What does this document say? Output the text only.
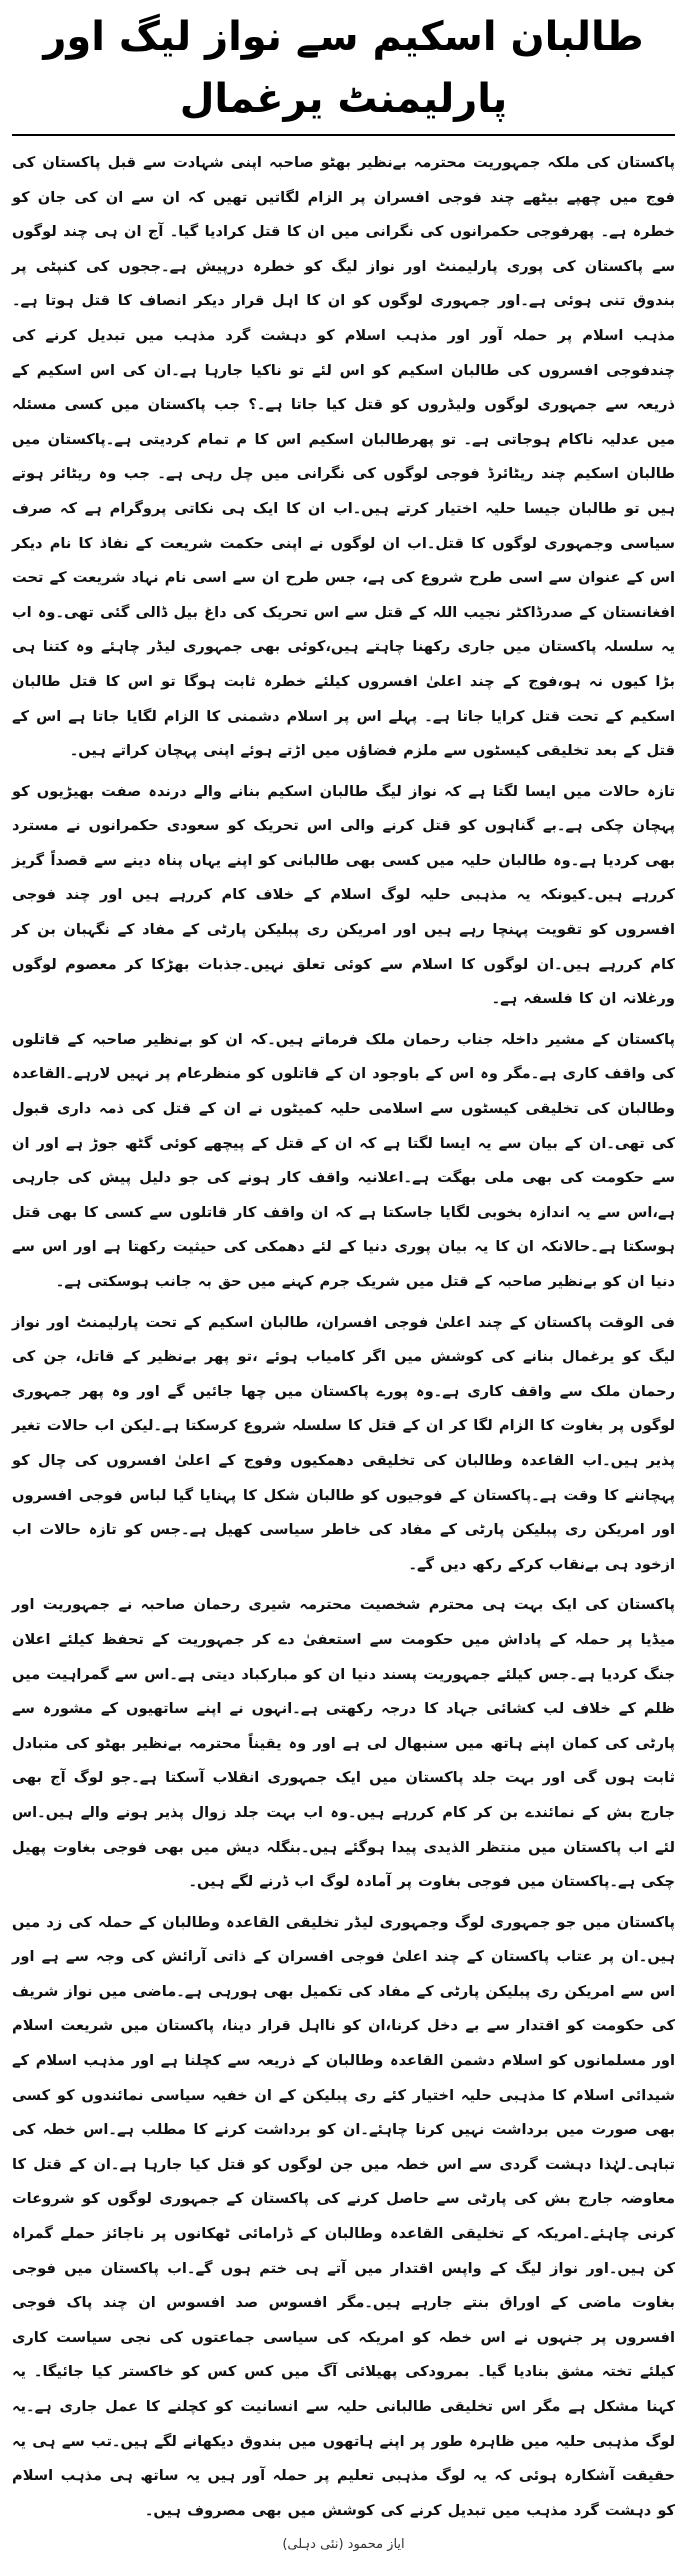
طالبان اسکیم سے نواز لیگ اور پارلیمنٹ یرغمال

پاکستان کی ملکہ جمہوریت محترمہ بےنظیر بھٹو صاحبہ اپنی شہادت سے قبل پاکستان کی فوج میں چھپے بیٹھے چند فوجی افسران پر الزام لگاتیں تھیں کہ ان سے ان کی جان کو خطرہ ہے۔ پھرفوجی حکمرانوں کی نگرانی میں ان کا قتل کرادیا گیا۔ آج ان ہی چند لوگوں سے پاکستان کی پوری پارلیمنٹ اور نواز لیگ کو خطرہ درپیش ہے۔ججوں کی کنپٹی پر بندوق تنی ہوئی ہے۔اور جمہوری لوگوں کو ان کا اہل قرار دیکر انصاف کا قتل ہوتا ہے۔مذہب اسلام پر حملہ آور اور مذہب اسلام کو دہشت گرد مذہب میں تبدیل کرنے کی چندفوجی افسروں کی طالبان اسکیم کو اس لئے تو ناکیا جارہا ہے۔ان کی اس اسکیم کے ذریعہ سے جمہوری لوگوں ولیڈروں کو قتل کیا جاتا ہے۔؟ جب پاکستان میں کسی مسئلہ میں عدلیہ ناکام ہوجاتی ہے۔ تو پھرطالبان اسکیم اس کا م تمام کردیتی ہے۔پاکستان میں طالبان اسکیم چند ریٹائرڈ فوجی لوگوں کی نگرانی میں چل رہی ہے۔ جب وہ ریٹائر ہوتے ہیں تو طالبان جیسا حلیہ اختیار کرتے ہیں۔اب ان کا ایک ہی نکاتی پروگرام ہے کہ صرف سیاسی وجمہوری لوگوں کا قتل۔اب ان لوگوں نے اپنی حکمت شریعت کے نفاذ کا نام دیکر اس کے عنوان سے اسی طرح شروع کی ہے، جس طرح ان سے اسی نام نہاد شریعت کے تحت افغانستان کے صدرڈاکٹر نجیب اللہ کے قتل سے اس تحریک کی داغ بیل ڈالی گئی تھی۔وہ اب یہ سلسلہ پاکستان میں جاری رکھنا چاہتے ہیں،کوئی بھی جمہوری لیڈر چاہئے وہ کتنا ہی بڑا کیوں نہ ہو،فوج کے چند اعلیٰ افسروں کیلئے خطرہ ثابت ہوگا تو اس کا قتل طالبان اسکیم کے تحت قتل کرایا جاتا ہے۔ پہلے اس پر اسلام دشمنی کا الزام لگایا جاتا ہے اس کے قتل کے بعد تخلیقی کیسٹوں سے ملزم فضاؤں میں اڑتے ہوئے اپنی پہچان کراتے ہیں۔

تازہ حالات میں ایسا لگتا ہے کہ نواز لیگ طالبان اسکیم بنانے والے درندہ صفت بھیڑیوں کو پہچان چکی ہے۔بے گناہوں کو قتل کرنے والی اس تحریک کو سعودی حکمرانوں نے مسترد بھی کردیا ہے۔وہ طالبان حلیہ میں کسی بھی طالبانی کو اپنے یہاں پناہ دینے سے قصداً گریز کررہے ہیں۔کیونکہ یہ مذہبی حلیہ لوگ اسلام کے خلاف کام کررہے ہیں اور چند فوجی افسروں کو تقویت پہنچا رہے ہیں اور امریکن ری پبلیکن پارٹی کے مفاد کے نگہبان بن کر کام کررہے ہیں۔ان لوگوں کا اسلام سے کوئی تعلق نہیں۔جذبات بھڑکا کر معصوم لوگوں ورغلانہ ان کا فلسفہ ہے۔

پاکستان کے مشیر داخلہ جناب رحمان ملک فرماتے ہیں۔کہ ان کو بےنظیر صاحبہ کے قاتلوں کی واقف کاری ہے۔مگر وہ اس کے باوجود ان کے قاتلوں کو منظرعام پر نہیں لارہے۔القاعدہ وطالبان کی تخلیقی کیسٹوں سے اسلامی حلیہ کمیٹوں نے ان کے قتل کی ذمہ داری قبول کی تھی۔ان کے بیان سے یہ ایسا لگتا ہے کہ ان کے قتل کے پیچھے کوئی گٹھ جوڑ ہے اور ان سے حکومت کی بھی ملی بھگت ہے۔اعلانیہ واقف کار ہونے کی جو دلیل پیش کی جارہی ہے،اس سے یہ اندازہ بخوبی لگایا جاسکتا ہے کہ ان واقف کار قاتلوں سے کسی کا بھی قتل ہوسکتا ہے۔حالانکہ ان کا یہ بیان پوری دنیا کے لئے دھمکی کی حیثیت رکھتا ہے اور اس سے دنیا ان کو بےنظیر صاحبہ کے قتل میں شریک جرم کہنے میں حق بہ جانب ہوسکتی ہے۔

فی الوقت پاکستان کے چند اعلیٰ فوجی افسران، طالبان اسکیم کے تحت پارلیمنٹ اور نواز لیگ کو یرغمال بنانے کی کوشش میں اگر کامیاب ہوئے ،تو پھر بےنظیر کے قاتل، جن کی رحمان ملک سے واقف کاری ہے۔وہ پورے پاکستان میں چھا جائیں گے اور وہ پھر جمہوری لوگوں پر بغاوت کا الزام لگا کر ان کے قتل کا سلسلہ شروع کرسکتا ہے۔لیکن اب حالات تغیر پذیر ہیں۔اب القاعدہ وطالبان کی تخلیقی دھمکیوں وفوج کے اعلیٰ افسروں کی چال کو پہچاننے کا وقت ہے۔پاکستان کے فوجیوں کو طالبان شکل کا پہنایا گیا لباس فوجی افسروں اور امریکن ری پبلیکن پارٹی کے مفاد کی خاطر سیاسی کھیل ہے۔جس کو تازہ حالات اب ازخود ہی بےنقاب کرکے رکھ دیں گے۔

پاکستان کی ایک بہت ہی محترم شخصیت محترمہ شیری رحمان صاحبہ نے جمہوریت اور میڈیا پر حملہ کے پاداش میں حکومت سے استعفیٰ دے کر جمہوریت کے تحفظ کیلئے اعلان جنگ کردیا ہے۔جس کیلئے جمہوریت پسند دنیا ان کو مبارکباد دیتی ہے۔اس سے گمراہیت میں ظلم کے خلاف لب کشائی جہاد کا درجہ رکھتی ہے۔انہوں نے اپنے ساتھیوں کے مشورہ سے پارٹی کی کمان اپنے ہاتھ میں سنبھال لی ہے اور وہ یقیناً محترمہ بےنظیر بھٹو کی متبادل ثابت ہوں گی اور بہت جلد پاکستان میں ایک جمہوری انقلاب آسکتا ہے۔جو لوگ آج بھی جارج بش کے نمائندے بن کر کام کررہے ہیں۔وہ اب بہت جلد زوال پذیر ہونے والے ہیں۔اس لئے اب پاکستان میں منتظر الذیدی پیدا ہوگئے ہیں۔بنگلہ دیش میں بھی فوجی بغاوت پھیل چکی ہے۔پاکستان میں فوجی بغاوت پر آمادہ لوگ اب ڈرنے لگے ہیں۔

پاکستان میں جو جمہوری لوگ وجمہوری لیڈر تخلیقی القاعدہ وطالبان کے حملہ کی زد میں ہیں۔ان پر عتاب پاکستان کے چند اعلیٰ فوجی افسران کے ذاتی آرائش کی وجہ سے ہے اور اس سے امریکن ری پبلیکن پارٹی کے مفاد کی تکمیل بھی ہورہی ہے۔ماضی میں نواز شریف کی حکومت کو اقتدار سے بے دخل کرنا،ان کو نااہل قرار دینا، پاکستان میں شریعت اسلام اور مسلمانوں کو اسلام دشمن القاعدہ وطالبان کے ذریعہ سے کچلنا ہے اور مذہب اسلام کے شیدائی اسلام کا مذہبی حلیہ اختیار کئے ری پبلیکن کے ان خفیہ سیاسی نمائندوں کو کسی بھی صورت میں برداشت نہیں کرنا چاہئے۔ان کو برداشت کرنے کا مطلب ہے۔اس خطہ کی تباہی۔لہٰذا دہشت گردی سے اس خطہ میں جن لوگوں کو قتل کیا جارہا ہے۔ان کے قتل کا معاوضہ جارج بش کی پارٹی سے حاصل کرنے کی پاکستان کے جمہوری لوگوں کو شروعات کرنی چاہئے۔امریکہ کے تخلیقی القاعدہ وطالبان کے ڈرامائی ٹھکانوں پر ناجائز حملے گمراہ کن ہیں۔اور نواز لیگ کے واپس اقتدار میں آتے ہی ختم ہوں گے۔اب پاکستان میں فوجی بغاوت ماضی کے اوراق بنتے جارہے ہیں۔مگر افسوس صد افسوس ان چند پاک فوجی افسروں پر جنہوں نے اس خطہ کو امریکہ کی سیاسی جماعتوں کی نجی سیاست کاری کیلئے تختہ مشق بنادیا گیا۔ بمرودکی پھیلائی آگ میں کس کس کو خاکستر کیا جائیگا۔ یہ کہنا مشکل ہے مگر اس تخلیقی طالبانی حلیہ سے انسانیت کو کچلنے کا عمل جاری ہے۔یہ لوگ مذہبی حلیہ میں ظاہرہ طور پر اپنے ہاتھوں میں بندوق دیکھانے لگے ہیں۔تب سے ہی یہ حقیقت آشکارہ ہوئی کہ یہ لوگ مذہبی تعلیم پر حملہ آور ہیں یہ ساتھ ہی مذہب اسلام کو دہشت گرد مذہب میں تبدیل کرنے کی کوشش میں بھی مصروف ہیں۔

ایاز محمود (نئی دہلی)
